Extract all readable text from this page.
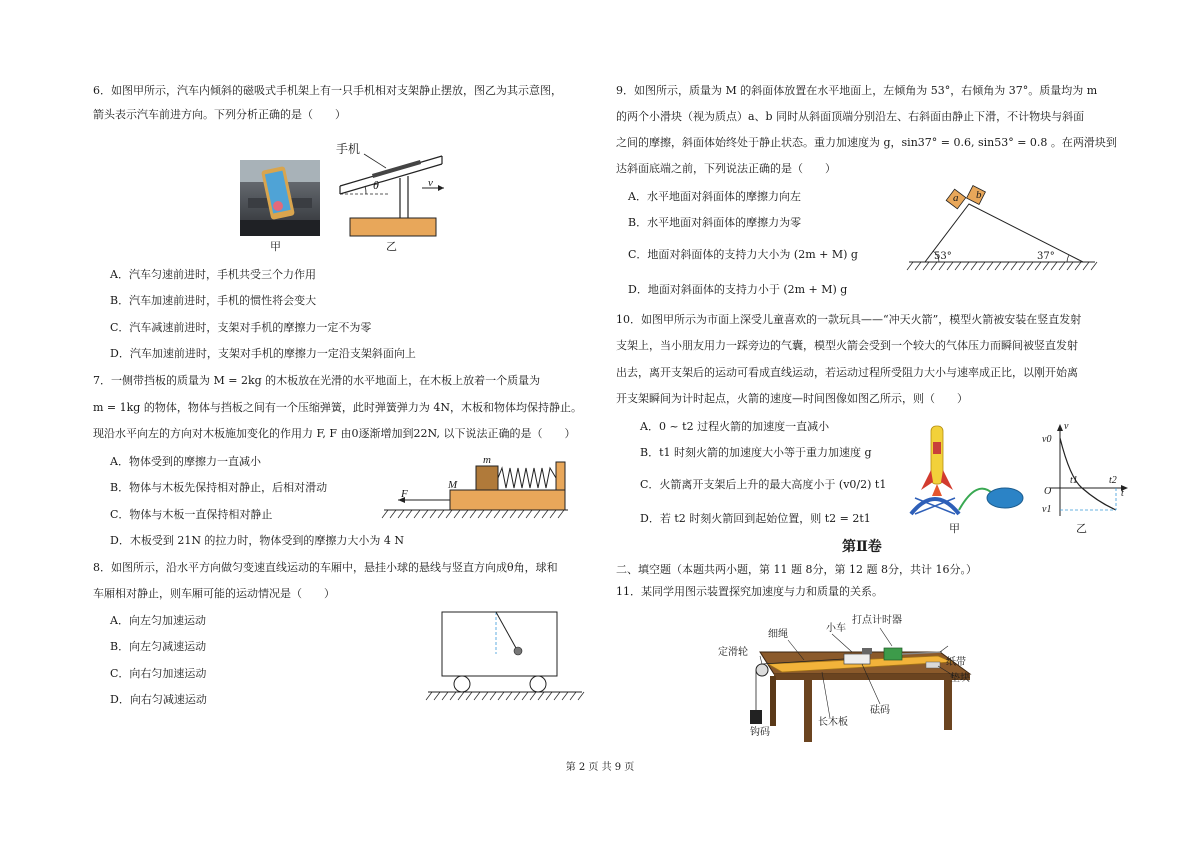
6．如图甲所示，汽车内倾斜的磁吸式手机架上有一只手机相对支架静止摆放，图乙为其示意图，
箭头表示汽车前进方向。下列分析正确的是（　　）
甲
手机
θ	v
乙
A．汽车匀速前进时，手机共受三个力作用
B．汽车加速前进时，手机的惯性将会变大
C．汽车减速前进时，支架对手机的摩擦力一定不为零
D．汽车加速前进时，支架对手机的摩擦力一定沿支架斜面向上
7．一侧带挡板的质量为 M = 2kg 的木板放在光滑的水平地面上，在木板上放着一个质量为
m = 1kg 的物体，物体与挡板之间有一个压缩弹簧，此时弹簧弹力为 4N，木板和物体均保持静止。
现沿水平向左的方向对木板施加变化的作用力 F, F 由0逐渐增加到22N, 以下说法正确的是（　　）
m
M
F
A．物体受到的摩擦力一直减小
B．物体与木板先保持相对静止，后相对滑动
C．物体与木板一直保持相对静止
D．木板受到 21N 的拉力时，物体受到的摩擦力大小为 4 N
8．如图所示，沿水平方向做匀变速直线运动的车厢中，悬挂小球的悬线与竖直方向成θ角，球和
车厢相对静止，则车厢可能的运动情况是（　　）
A．向左匀加速运动
B．向左匀减速运动
C．向右匀加速运动
D．向右匀减速运动
9．如图所示，质量为 M 的斜面体放置在水平地面上，左倾角为 53°，右倾角为 37°。质量均为 m
的两个小滑块（视为质点）a、b 同时从斜面顶端分别沿左、右斜面由静止下滑，不计物块与斜面
之间的摩擦，斜面体始终处于静止状态。重力加速度为 g，sin37° = 0.6, sin53° = 0.8 。在两滑块到
达斜面底端之前，下列说法正确的是（　　）
a b
53°	37°
A．水平地面对斜面体的摩擦力向左
B．水平地面对斜面体的摩擦力为零
C．地面对斜面体的支持力大小为 (2m + M) g
D．地面对斜面体的支持力小于 (2m + M) g
10．如图甲所示为市面上深受儿童喜欢的一款玩具——“冲天火箭”，模型火箭被安装在竖直发射
支架上，当小朋友用力一踩旁边的气囊，模型火箭会受到一个较大的气体压力而瞬间被竖直发射
出去，离开支架后的运动可看成直线运动，若运动过程所受阻力大小与速率成正比，以刚开始离
开支架瞬间为计时起点，火箭的速度—时间图像如图乙所示，则（　　）
甲
v
v0
v1
O
t1	t2
t
乙
A．0 ~ t2 过程火箭的加速度一直减小
B．t1 时刻火箭的加速度大小等于重力加速度 g
C．火箭离开支架后上升的最大高度小于 (v0/2) t1
D．若 t2 时刻火箭回到起始位置，则 t2 = 2t1
第Ⅱ卷
二、填空题（本题共两小题，第 11 题 8分，第 12 题 8分，共计 16分。）
11．某同学用图示装置探究加速度与力和质量的关系。
定滑轮
细绳
小车
打点计时器
纸带
垫块
长木板
砝码
钩码
第 2 页 共 9 页
